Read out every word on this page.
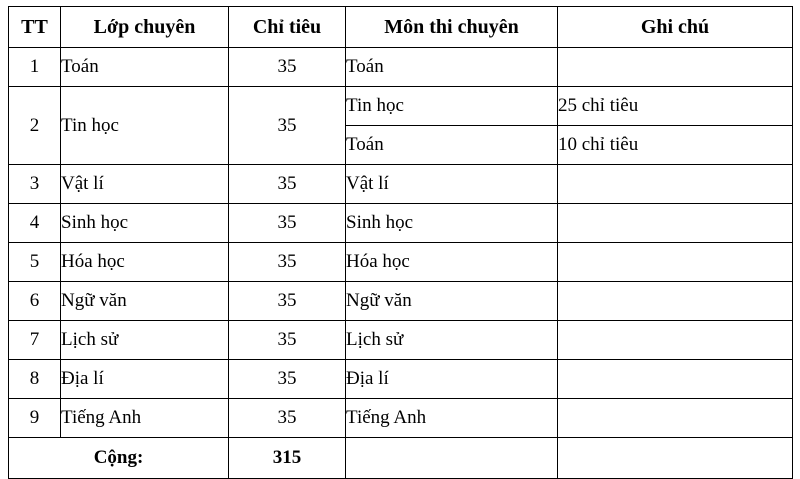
TT	Lớp chuyên	Chỉ tiêu	Môn thi chuyên	Ghi chú
1	Toán	35	Toán	
2	Tin học	35	Tin học	25 chỉ tiêu
			Toán	10 chỉ tiêu
3	Vật lí	35	Vật lí	
4	Sinh học	35	Sinh học	
5	Hóa học	35	Hóa học	
6	Ngữ văn	35	Ngữ văn	
7	Lịch sử	35	Lịch sử	
8	Địa lí	35	Địa lí	
9	Tiếng Anh	35	Tiếng Anh	
Cộng:		315		
